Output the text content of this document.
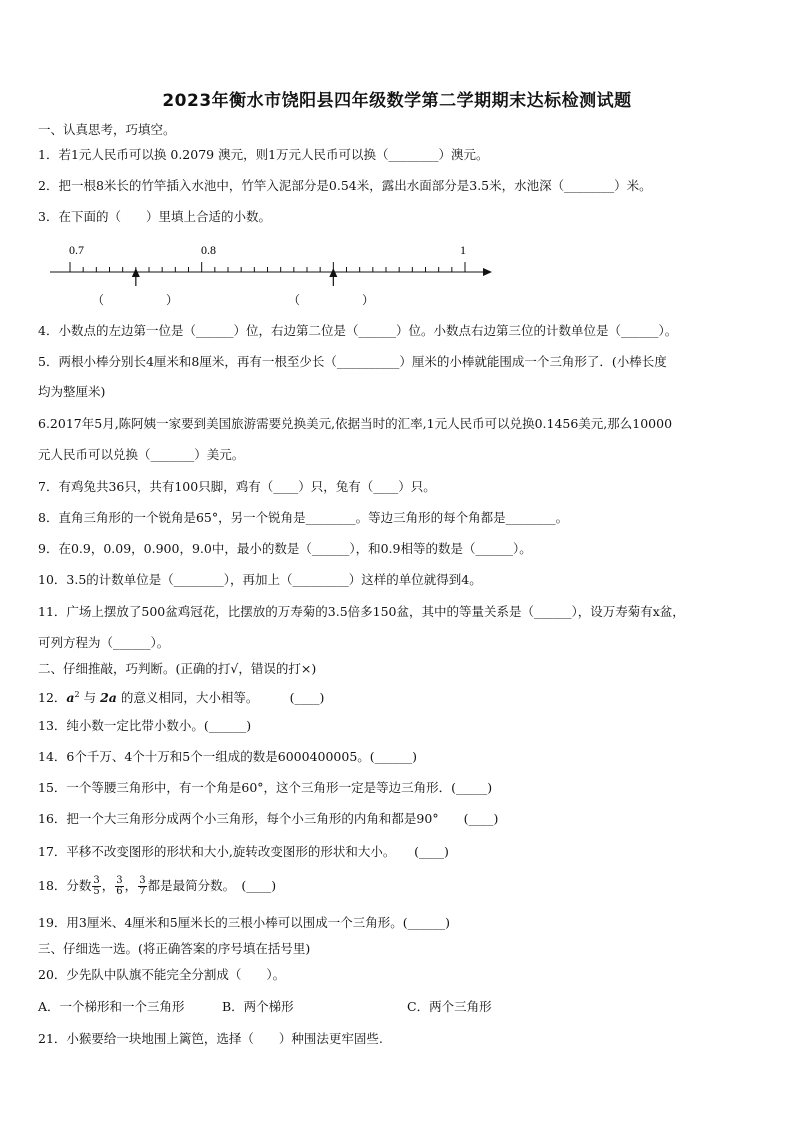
2023年衡水市饶阳县四年级数学第二学期期末达标检测试题
一、认真思考，巧填空。
1．若1元人民币可以换 0.2079 澳元，则1万元人民币可以换（________）澳元。
2．把一根8米长的竹竿插入水池中，竹竿入泥部分是0.54米，露出水面部分是3.5米，水池深（________）米。
3．在下面的（　　）里填上合适的小数。
0.7	0.8	1
（	）	（	）
4．小数点的左边第一位是（______）位，右边第二位是（______）位。小数点右边第三位的计数单位是（______）。
5．两根小棒分别长4厘米和8厘米，再有一根至少长（__________）厘米的小棒就能围成一个三角形了．(小棒长度
均为整厘米)
6.2017年5月,陈阿姨一家要到美国旅游需要兑换美元,依据当时的汇率,1元人民币可以兑换0.1456美元,那么10000
元人民币可以兑换（_______）美元。
7．有鸡兔共36只，共有100只脚，鸡有（____）只，兔有（____）只。
8．直角三角形的一个锐角是65°，另一个锐角是________。等边三角形的每个角都是________。
9．在0.9，0.09，0.900，9.0中，最小的数是（______），和0.9相等的数是（______）。
10．3.5的计数单位是（________），再加上（_________）这样的单位就得到4。
11．广场上摆放了500盆鸡冠花，比摆放的万寿菊的3.5倍多150盆，其中的等量关系是（______），设万寿菊有x盆，
可列方程为（______）。
二、仔细推敲，巧判断。(正确的打√，错误的打×)
12．$a^2$ 与 2a 的意义相同，大小相等。　　　(____)
13．纯小数一定比带小数小。(______)
14．6个千万、4个十万和5个一组成的数是6000400005。(______)
15．一个等腰三角形中，有一个角是60°，这个三角形一定是等边三角形．(_____)
16．把一个大三角形分成两个小三角形，每个小三角形的内角和都是90°　　(____)
17．平移不改变图形的形状和大小,旋转改变图形的形状和大小。　　(____)
18．分数 $\frac{3}{5}$ ， $\frac{3}{6}$ ， $\frac{3}{7}$ 都是最简分数。　(____)
19．用3厘米、4厘米和5厘米长的三根小棒可以围成一个三角形。(______)
三、仔细选一选。(将正确答案的序号填在括号里)
20．少先队中队旗不能完全分割成（　　）。
A．一个梯形和一个三角形	B．两个梯形	C．两个三角形
21．小猴要给一块地围上篱笆，选择（　　）种围法更牢固些.
